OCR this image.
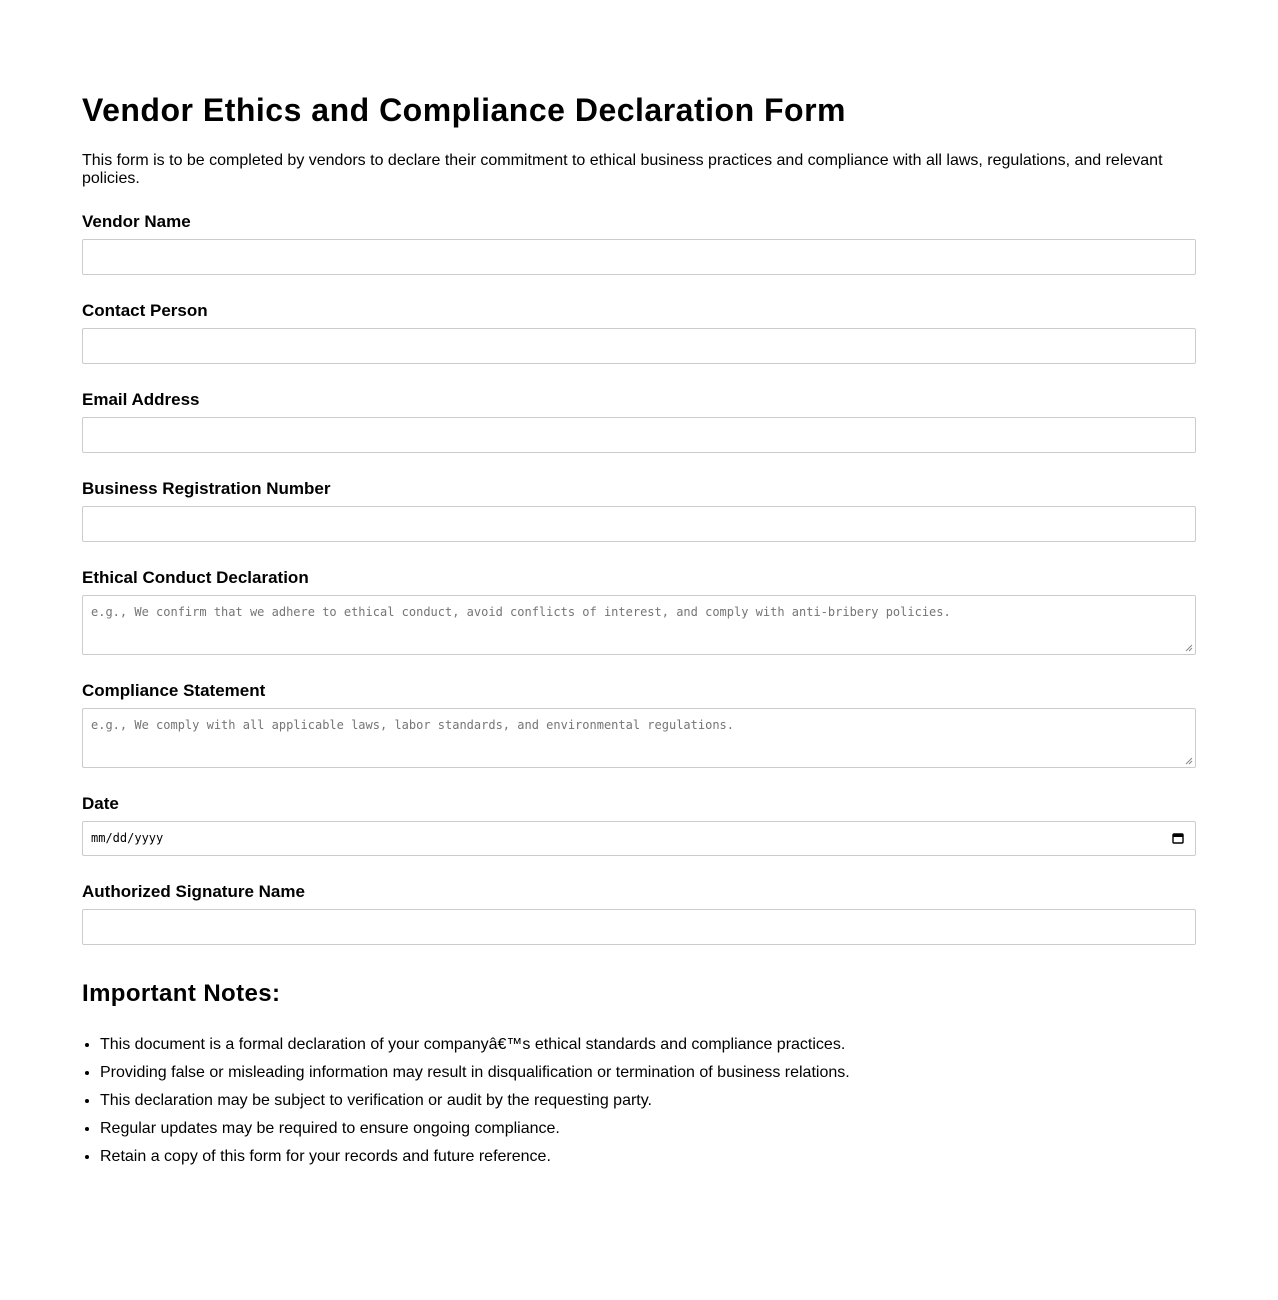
Vendor Ethics and Compliance Declaration Form

This form is to be completed by vendors to declare their commitment to ethical business practices and compliance with all laws, regulations, and relevant policies.

Vendor Name
Contact Person
Email Address
Business Registration Number
Ethical Conduct Declaration
e.g., We confirm that we adhere to ethical conduct, avoid conflicts of interest, and comply with anti-bribery policies.
Compliance Statement
e.g., We comply with all applicable laws, labor standards, and environmental regulations.
Date
mm/dd/yyyy
Authorized Signature Name
Important Notes:
• This document is a formal declaration of your companyâ€™s ethical standards and compliance practices.
• Providing false or misleading information may result in disqualification or termination of business relations.
• This declaration may be subject to verification or audit by the requesting party.
• Regular updates may be required to ensure ongoing compliance.
• Retain a copy of this form for your records and future reference.
